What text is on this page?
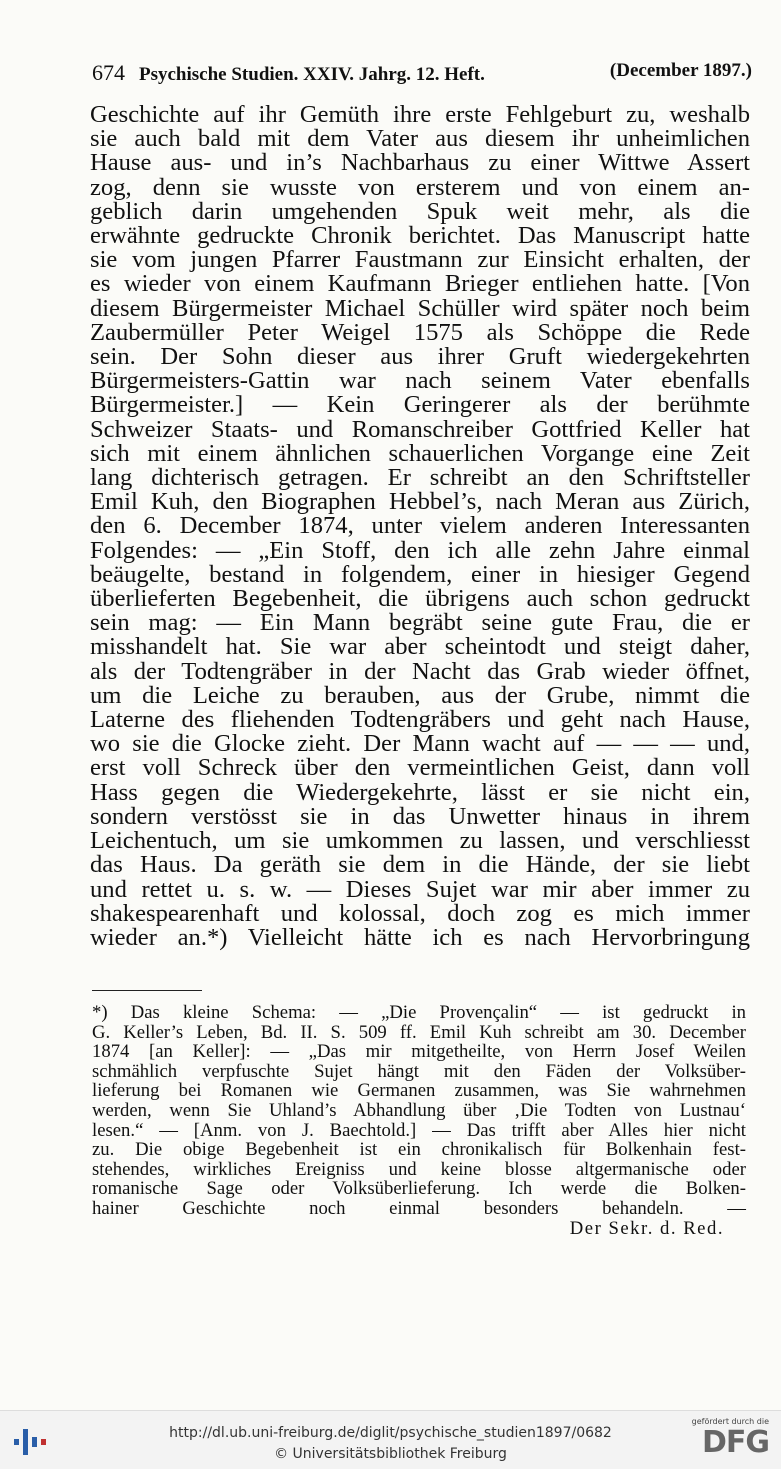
674 Psychische Studien. XXIV. Jahrg. 12. Heft.	(December 1897.)
Geschichte auf ihr Gemüth ihre erste Fehlgeburt zu, weshalb
sie auch bald mit dem Vater aus diesem ihr unheimlichen
Hause aus- und in’s Nachbarhaus zu einer Wittwe Assert
zog, denn sie wusste von ersterem und von einem an-
geblich darin umgehenden Spuk weit mehr, als die
erwähnte gedruckte Chronik berichtet. Das Manuscript hatte
sie vom jungen Pfarrer Faustmann zur Einsicht erhalten, der
es wieder von einem Kaufmann Brieger entliehen hatte. [Von
diesem Bürgermeister Michael Schüller wird später noch beim
Zaubermüller Peter Weigel 1575 als Schöppe die Rede
sein. Der Sohn dieser aus ihrer Gruft wiedergekehrten
Bürgermeisters-Gattin war nach seinem Vater ebenfalls
Bürgermeister.] — Kein Geringerer als der berühmte
Schweizer Staats- und Romanschreiber Gottfried Keller hat
sich mit einem ähnlichen schauerlichen Vorgange eine Zeit
lang dichterisch getragen. Er schreibt an den Schriftsteller
Emil Kuh, den Biographen Hebbel’s, nach Meran aus Zürich,
den 6. December 1874, unter vielem anderen Interessanten
Folgendes: — „Ein Stoff, den ich alle zehn Jahre einmal
beäugelte, bestand in folgendem, einer in hiesiger Gegend
überlieferten Begebenheit, die übrigens auch schon gedruckt
sein mag: — Ein Mann begräbt seine gute Frau, die er
misshandelt hat. Sie war aber scheintodt und steigt daher,
als der Todtengräber in der Nacht das Grab wieder öffnet,
um die Leiche zu berauben, aus der Grube, nimmt die
Laterne des fliehenden Todtengräbers und geht nach Hause,
wo sie die Glocke zieht. Der Mann wacht auf — — — und,
erst voll Schreck über den vermeintlichen Geist, dann voll
Hass gegen die Wiedergekehrte, lässt er sie nicht ein,
sondern verstösst sie in das Unwetter hinaus in ihrem
Leichentuch, um sie umkommen zu lassen, und verschliesst
das Haus. Da geräth sie dem in die Hände, der sie liebt
und rettet u. s. w. — Dieses Sujet war mir aber immer zu
shakespearenhaft und kolossal, doch zog es mich immer
wieder an.*) Vielleicht hätte ich es nach Hervorbringung
*) Das kleine Schema: — „Die Provençalin“ — ist gedruckt in
G. Keller’s Leben, Bd. II. S. 509 ff. Emil Kuh schreibt am 30. December
1874 [an Keller]: — „Das mir mitgetheilte, von Herrn Josef Weilen
schmählich verpfuschte Sujet hängt mit den Fäden der Volksüber-
lieferung bei Romanen wie Germanen zusammen, was Sie wahrnehmen
werden, wenn Sie Uhland’s Abhandlung über ‚Die Todten von Lustnau‘
lesen.“ — [Anm. von J. Baechtold.] — Das trifft aber Alles hier nicht
zu. Die obige Begebenheit ist ein chronikalisch für Bolkenhain fest-
stehendes, wirkliches Ereigniss und keine blosse altgermanische oder
romanische Sage oder Volksüberlieferung. Ich werde die Bolken-
hainer Geschichte noch einmal besonders behandeln. —
Der Sekr. d. Red.
http://dl.ub.uni-freiburg.de/diglit/psychische_studien1897/0682
© Universitätsbibliothek Freiburg
gefördert durch die
DFG
